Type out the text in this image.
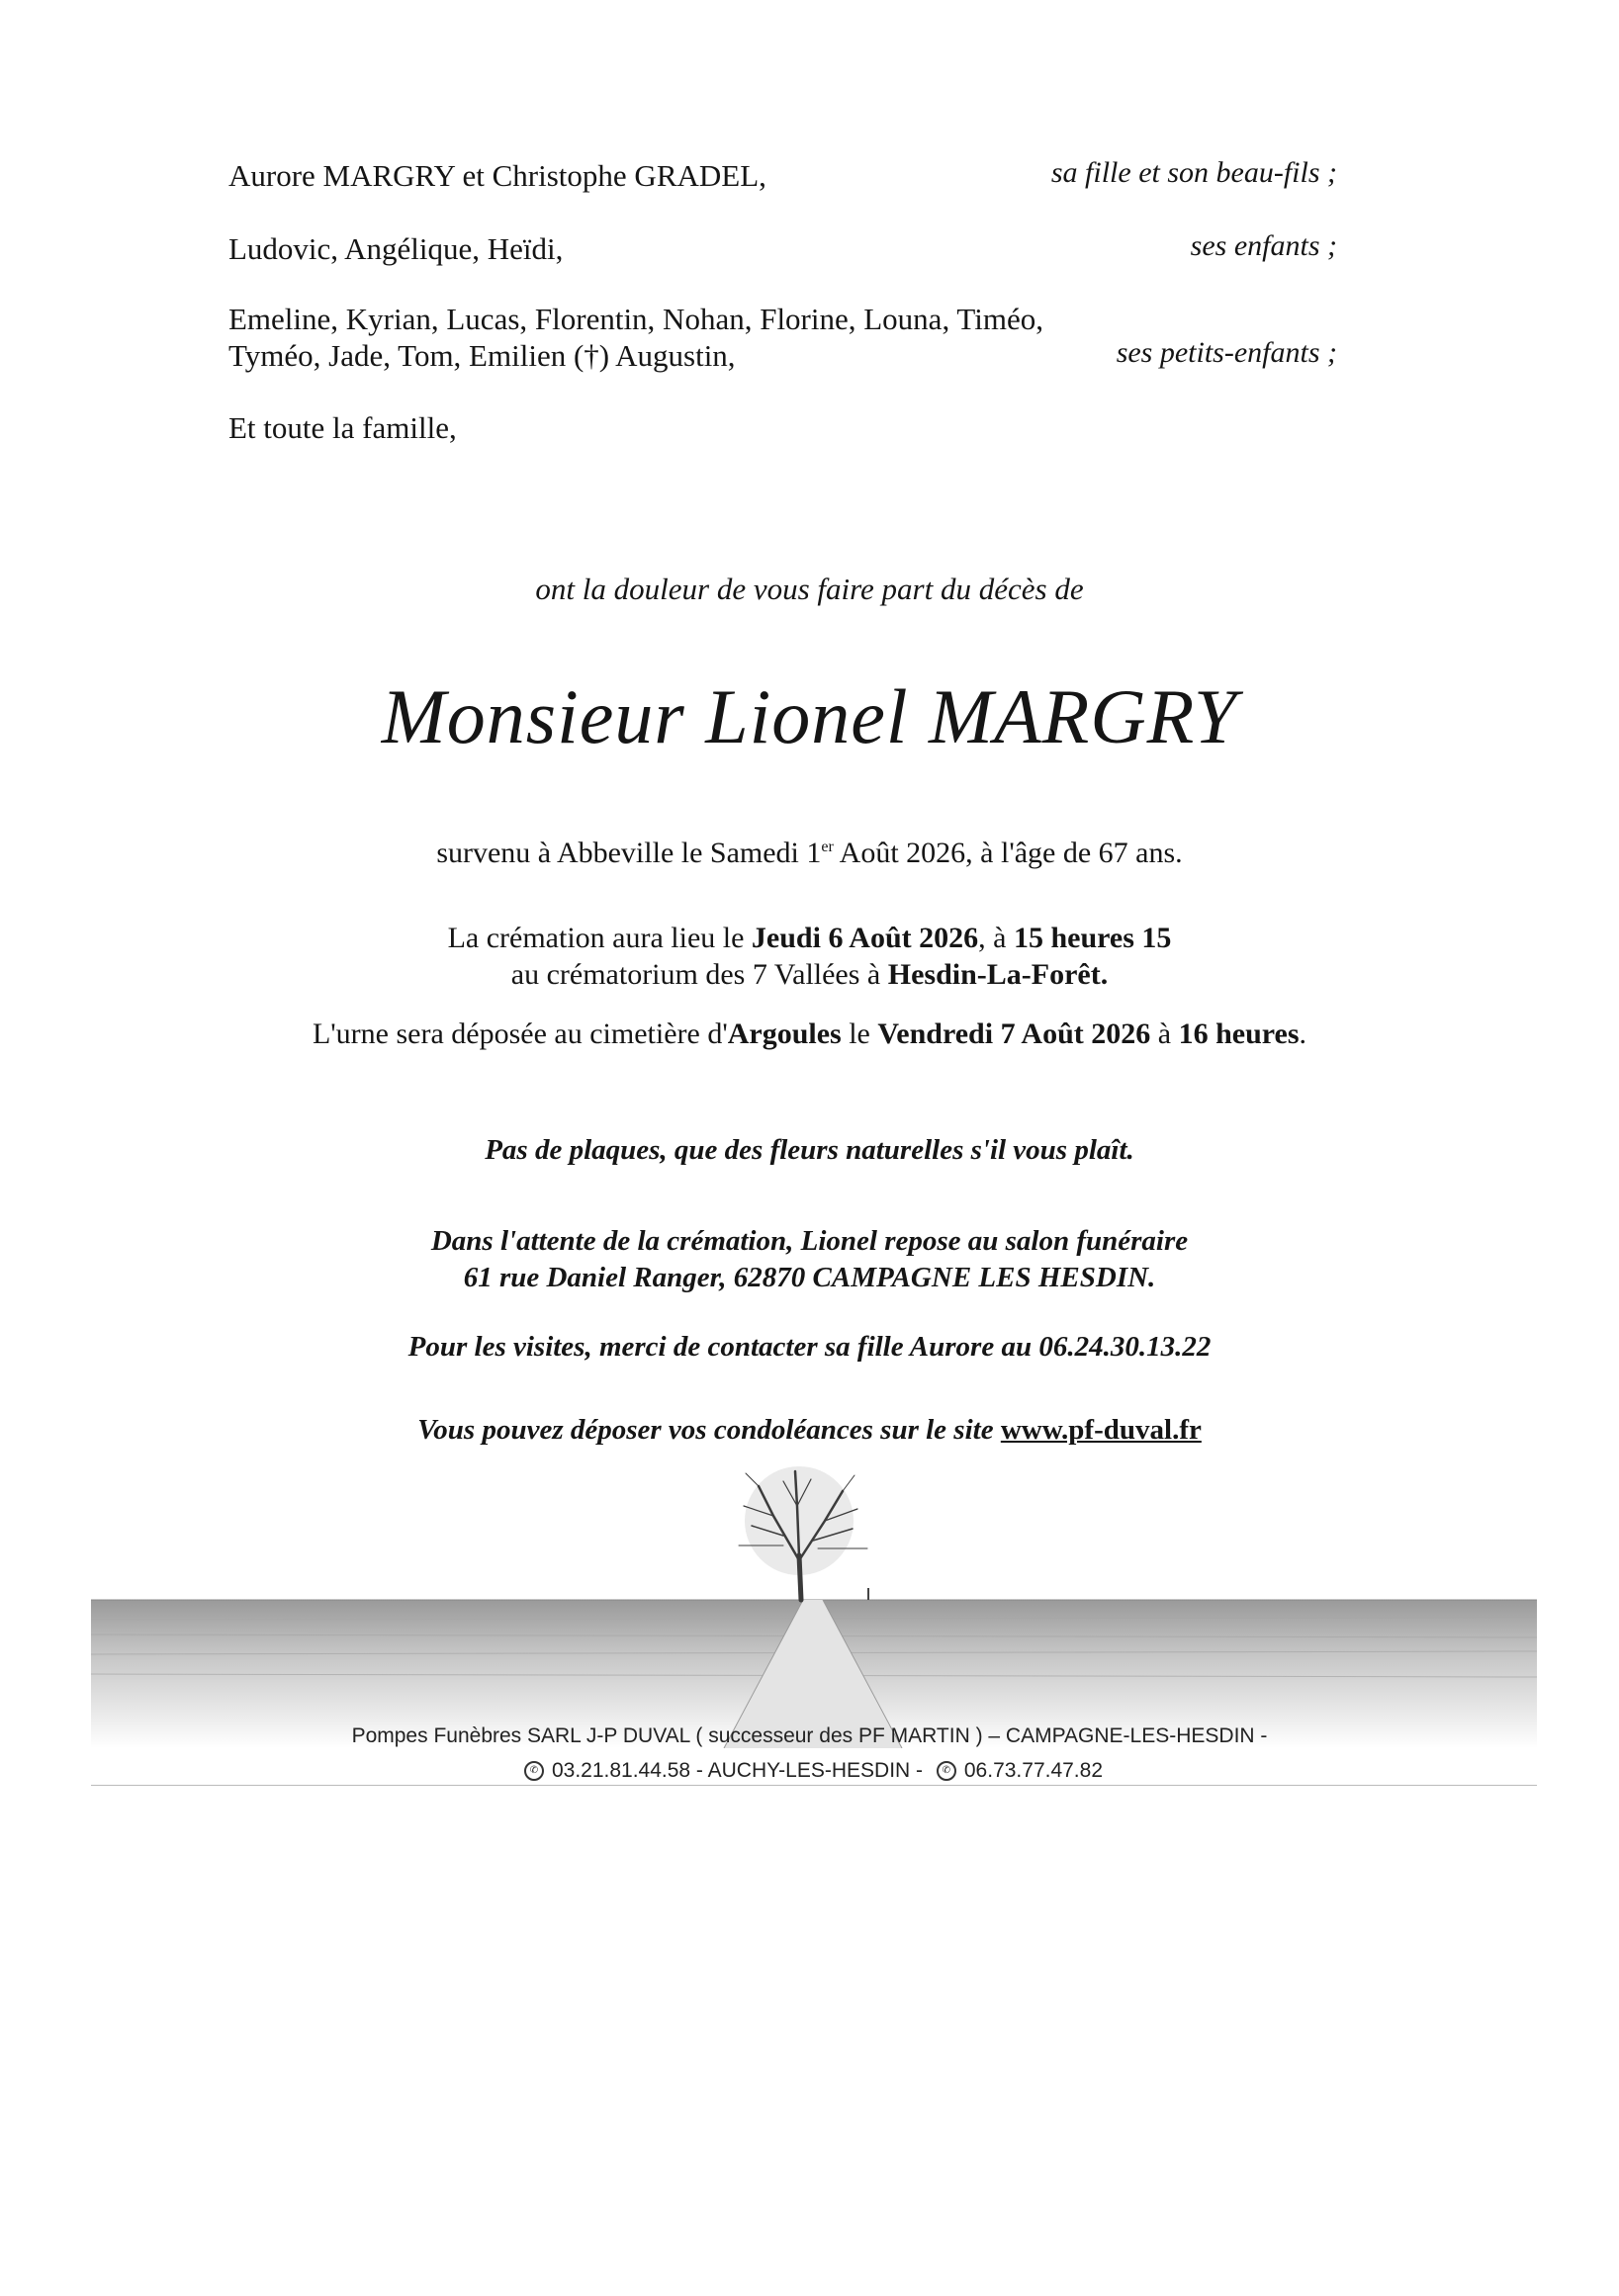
Aurore MARGRY et Christophe GRADEL,	sa fille et son beau-fils ;
Ludovic, Angélique, Heïdi,	ses enfants ;
Emeline, Kyrian, Lucas, Florentin, Nohan, Florine, Louna, Timéo,
Tyméo, Jade, Tom, Emilien (†) Augustin,	ses petits-enfants ;
Et toute la famille,
ont la douleur de vous faire part du décès de
Monsieur Lionel MARGRY
survenu à Abbeville le Samedi 1er Août 2026, à l'âge de 67 ans.
La crémation aura lieu le Jeudi 6 Août 2026, à 15 heures 15
au crématorium des 7 Vallées à Hesdin-La-Forêt.
L'urne sera déposée au cimetière d'Argoules le Vendredi 7 Août 2026 à 16 heures.
Pas de plaques, que des fleurs naturelles s'il vous plaît.
Dans l'attente de la crémation, Lionel repose au salon funéraire
61 rue Daniel Ranger, 62870 CAMPAGNE LES HESDIN.
Pour les visites, merci de contacter sa fille Aurore au 06.24.30.13.22
Vous pouvez déposer vos condoléances sur le site www.pf-duval.fr
Pompes Funèbres SARL J-P DUVAL ( successeur des PF MARTIN ) – CAMPAGNE-LES-HESDIN -
✆ 03.21.81.44.58 - AUCHY-LES-HESDIN - ✆ 06.73.77.47.82
